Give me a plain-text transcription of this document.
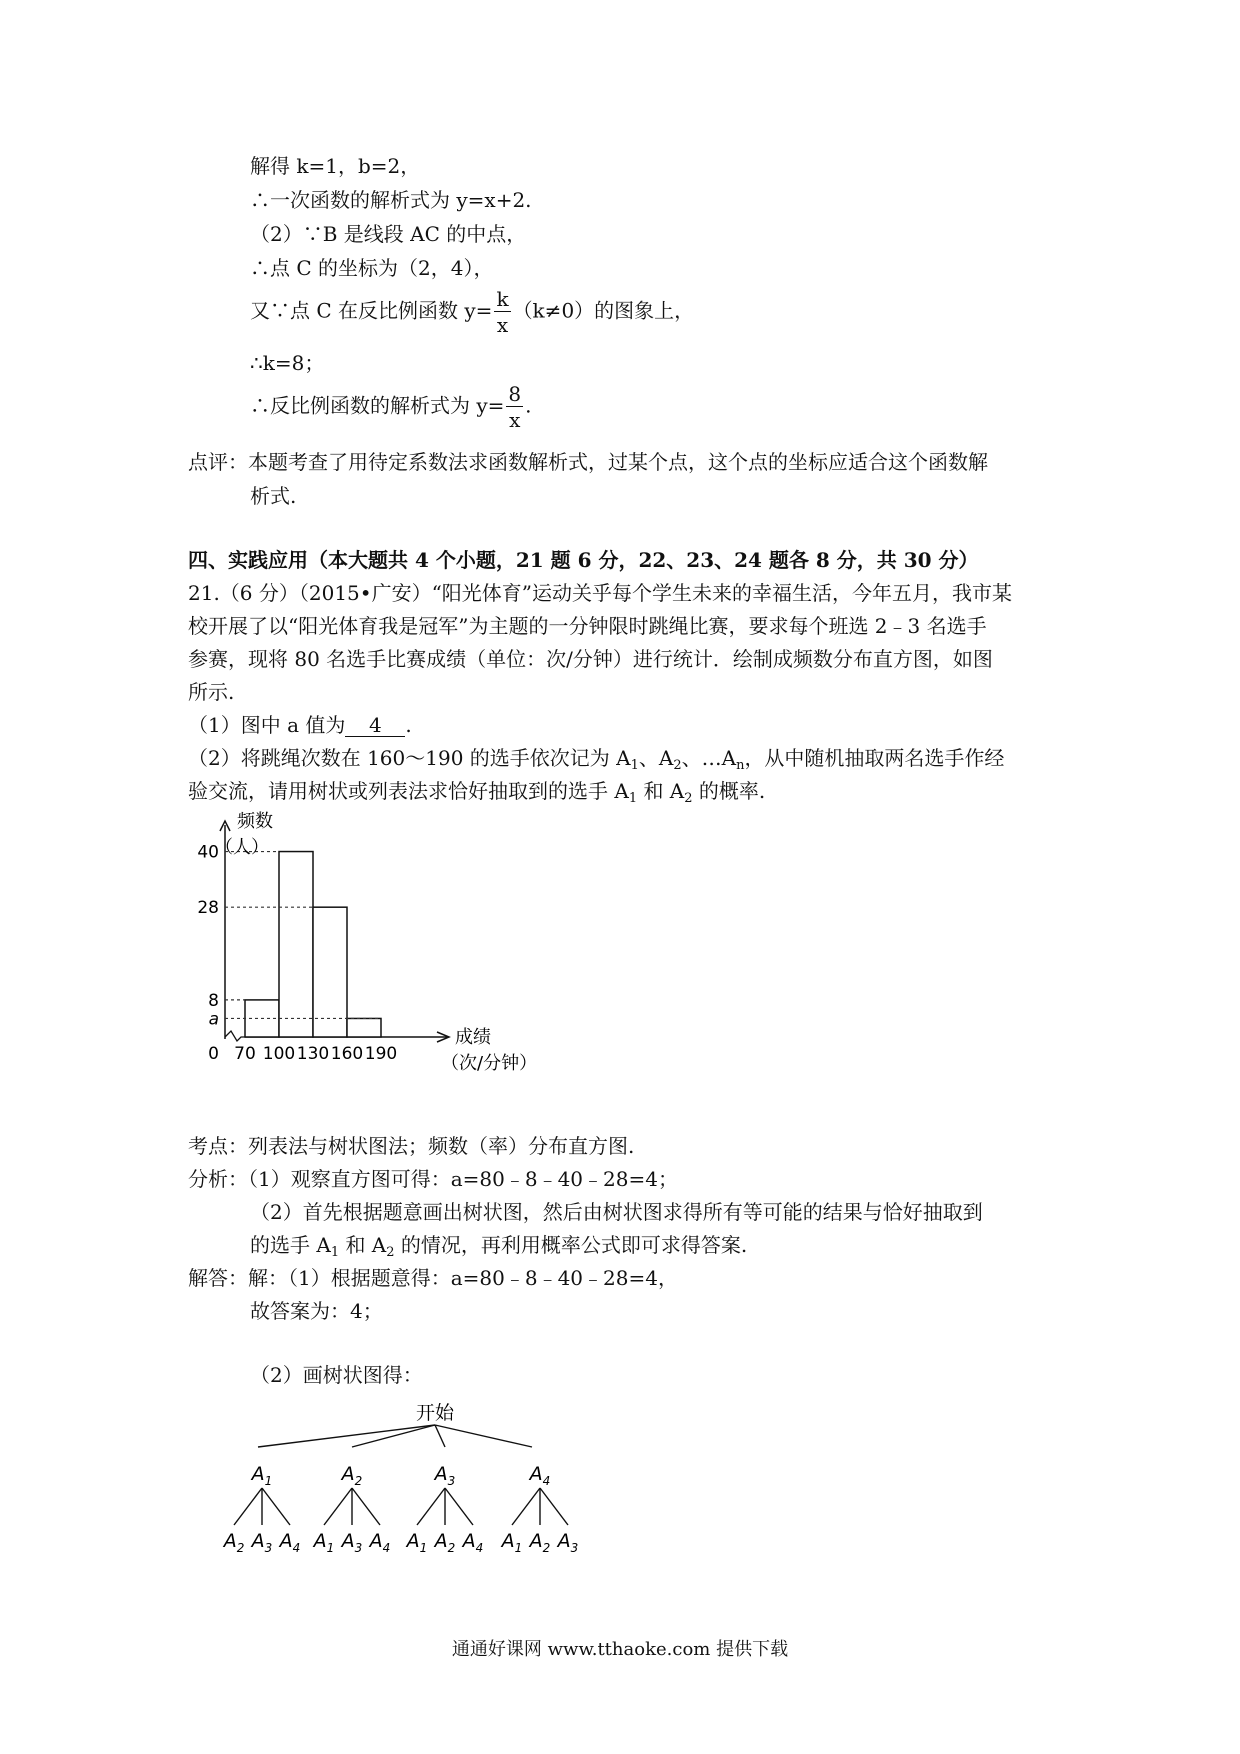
解得 k=1，b=2，
∴一次函数的解析式为 y=x+2.
（2）∵B 是线段 AC 的中点，
∴点 C 的坐标为（2，4），
又∵点 C 在反比例函数 $y= \frac{k}{x} (k\ne 0)$的图象上，
∴k=8；
∴反比例函数的解析式为 $y= \frac{8}{x}$ .
点评：本题考查了用待定系数法求函数解析式，过某个点，这个点的坐标应适合这个函数解
析式.
四、实践应用（本大题共 4 个小题，21 题 6 分，22、23、24 题各 8 分，共 30 分）
21.（6 分）（2015•广安）“阳光体育”运动关乎每个学生未来的幸福生活，今年五月，我市某
校开展了以“阳光体育我是冠军”为主题的一分钟限时跳绳比赛，要求每个班选 2﹣3 名选手
参赛，现将 80 名选手比赛成绩（单位：次/分钟）进行统计．绘制成频数分布直方图，如图
所示.
（1）图中 a 值为 4 .
（2）将跳绳次数在 160～190 的选手依次记为 $A_1$、$A_2$、$\dots A_n$，从中随机抽取两名选手作经
验交流，请用树状或列表法求恰好抽取到的选手 $A_1$ 和 $A_2$ 的概率.
a
8
28
40
0 70 100 130 160 190
频数
（人）
成绩
（次/分钟）
考点：列表法与树状图法；频数（率）分布直方图.
分析：（1）观察直方图可得：a=80﹣8﹣40﹣28=4；
（2）首先根据题意画出树状图，然后由树状图求得所有等可能的结果与恰好抽取到
的选手 $A_1$ 和 $A_2$ 的情况，再利用概率公式即可求得答案.
解答：解：（1）根据题意得：a=80﹣8﹣40﹣28=4，
故答案为：4；
（2）画树状图得：
开始
$A_1$
$A_2$ $A_3$ $A_4$
$A_2$
$A_1$ $A_3$ $A_4$
$A_3$
$A_1$ $A_2$ $A_4$
$A_4$
$A_1$ $A_2$ $A_3$
通通好课网 www.tthaoke.com 提供下载
